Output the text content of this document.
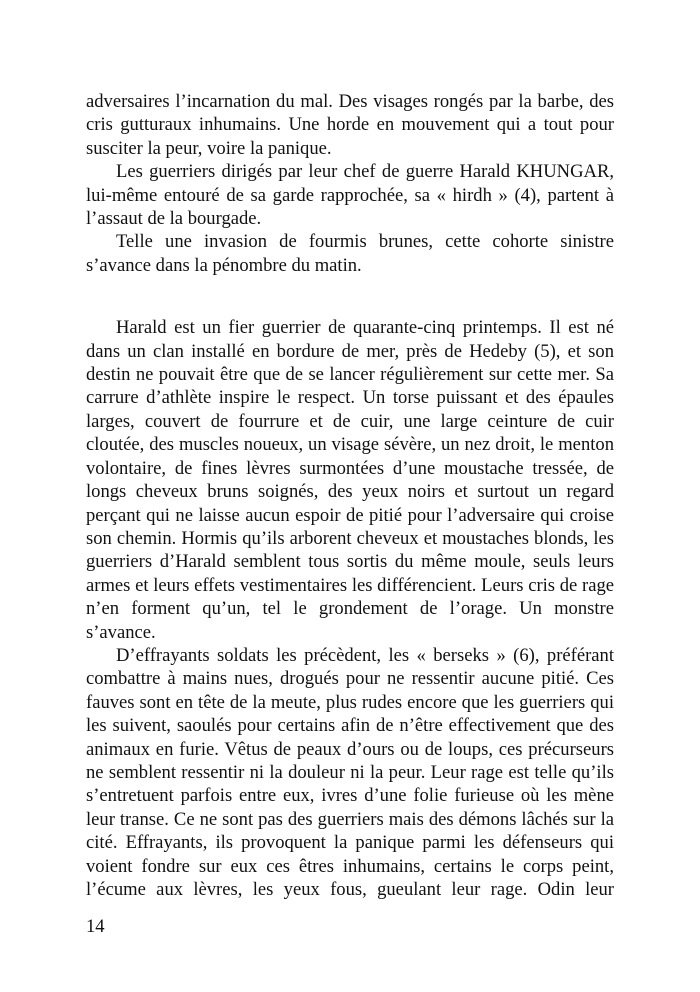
adversaires l’incarnation du mal. Des visages rongés par la barbe, des
cris gutturaux inhumains. Une horde en mouvement qui a tout pour
susciter la peur, voire la panique.
Les guerriers dirigés par leur chef de guerre Harald KHUNGAR,
lui-même entouré de sa garde rapprochée, sa « hirdh » (4), partent à
l’assaut de la bourgade.
Telle une invasion de fourmis brunes, cette cohorte sinistre
s’avance dans la pénombre du matin.
Harald est un fier guerrier de quarante-cinq printemps. Il est né
dans un clan installé en bordure de mer, près de Hedeby (5), et son
destin ne pouvait être que de se lancer régulièrement sur cette mer. Sa
carrure d’athlète inspire le respect. Un torse puissant et des épaules
larges, couvert de fourrure et de cuir, une large ceinture de cuir
cloutée, des muscles noueux, un visage sévère, un nez droit, le menton
volontaire, de fines lèvres surmontées d’une moustache tressée, de
longs cheveux bruns soignés, des yeux noirs et surtout un regard
perçant qui ne laisse aucun espoir de pitié pour l’adversaire qui croise
son chemin. Hormis qu’ils arborent cheveux et moustaches blonds, les
guerriers d’Harald semblent tous sortis du même moule, seuls leurs
armes et leurs effets vestimentaires les différencient. Leurs cris de rage
n’en forment qu’un, tel le grondement de l’orage. Un monstre
s’avance.
D’effrayants soldats les précèdent, les « berseks » (6), préférant
combattre à mains nues, drogués pour ne ressentir aucune pitié. Ces
fauves sont en tête de la meute, plus rudes encore que les guerriers qui
les suivent, saoulés pour certains afin de n’être effectivement que des
animaux en furie. Vêtus de peaux d’ours ou de loups, ces précurseurs
ne semblent ressentir ni la douleur ni la peur. Leur rage est telle qu’ils
s’entretuent parfois entre eux, ivres d’une folie furieuse où les mène
leur transe. Ce ne sont pas des guerriers mais des démons lâchés sur la
cité. Effrayants, ils provoquent la panique parmi les défenseurs qui
voient fondre sur eux ces êtres inhumains, certains le corps peint,
l’écume aux lèvres, les yeux fous, gueulant leur rage. Odin leur
14
